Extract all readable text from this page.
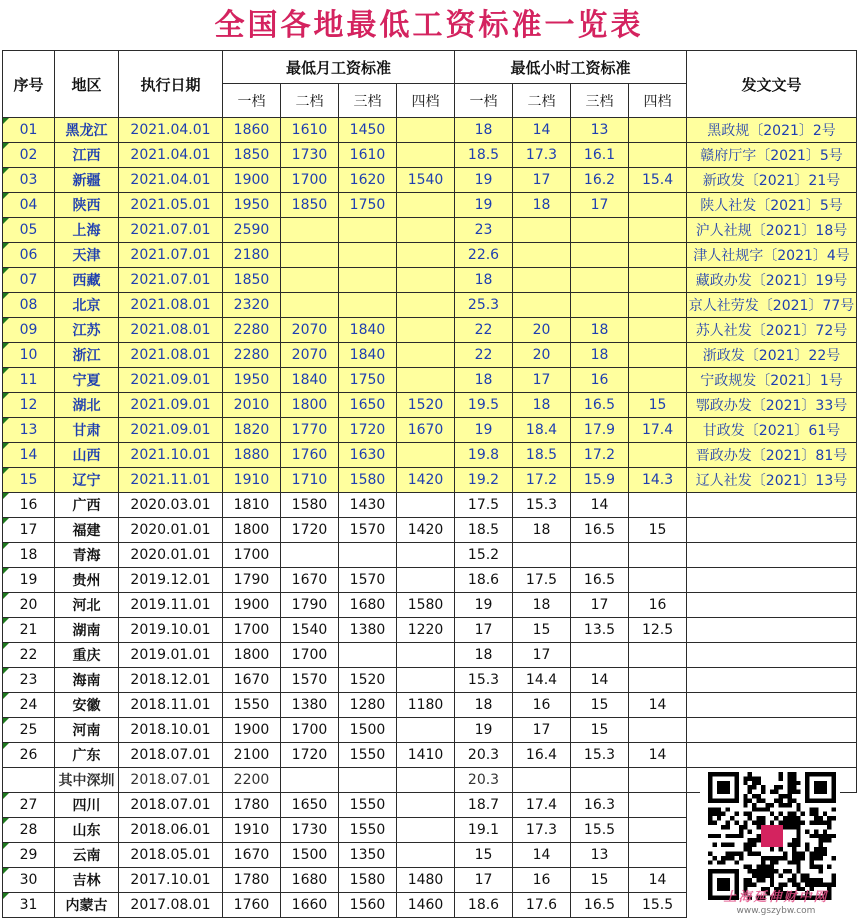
全国各地最低工资标准一览表
序号	地区	执行日期	最低月工资标准				最低小时工资标准				发文文号
			一档	二档	三档	四档	一档	二档	三档	四档	
01	黑龙江	2021.04.01	1860	1610	1450		18	14	13		黑政规〔2021〕2号
02	江西	2021.04.01	1850	1730	1610		18.5	17.3	16.1		赣府厅字〔2021〕5号
03	新疆	2021.04.01	1900	1700	1620	1540	19	17	16.2	15.4	新政发〔2021〕21号
04	陕西	2021.05.01	1950	1850	1750		19	18	17		陕人社发〔2021〕5号
05	上海	2021.07.01	2590				23				沪人社规〔2021〕18号
06	天津	2021.07.01	2180				22.6				津人社规字〔2021〕4号
07	西藏	2021.07.01	1850				18				藏政办发〔2021〕19号
08	北京	2021.08.01	2320				25.3				京人社劳发〔2021〕77号
09	江苏	2021.08.01	2280	2070	1840		22	20	18		苏人社发〔2021〕72号
10	浙江	2021.08.01	2280	2070	1840		22	20	18		浙政发〔2021〕22号
11	宁夏	2021.09.01	1950	1840	1750		18	17	16		宁政规发〔2021〕1号
12	湖北	2021.09.01	2010	1800	1650	1520	19.5	18	16.5	15	鄂政办发〔2021〕33号
13	甘肃	2021.09.01	1820	1770	1720	1670	19	18.4	17.9	17.4	甘政发〔2021〕61号
14	山西	2021.10.01	1880	1760	1630		19.8	18.5	17.2		晋政办发〔2021〕81号
15	辽宁	2021.11.01	1910	1710	1580	1420	19.2	17.2	15.9	14.3	辽人社发〔2021〕13号
16	广西	2020.03.01	1810	1580	1430		17.5	15.3	14		
17	福建	2020.01.01	1800	1720	1570	1420	18.5	18	16.5	15	
18	青海	2020.01.01	1700				15.2				
19	贵州	2019.12.01	1790	1670	1570		18.6	17.5	16.5		
20	河北	2019.11.01	1900	1790	1680	1580	19	18	17	16	
21	湖南	2019.10.01	1700	1540	1380	1220	17	15	13.5	12.5	
22	重庆	2019.01.01	1800	1700			18	17			
23	海南	2018.12.01	1670	1570	1520		15.3	14.4	14		
24	安徽	2018.11.01	1550	1380	1280	1180	18	16	15	14	
25	河南	2018.10.01	1900	1700	1500		19	17	15		
26	广东	2018.07.01	2100	1720	1550	1410	20.3	16.4	15.3	14	
	其中深圳	2018.07.01	2200				20.3				
27	四川	2018.07.01	1780	1650	1550		18.7	17.4	16.3		
28	山东	2018.06.01	1910	1730	1550		19.1	17.3	15.5		
29	云南	2018.05.01	1670	1500	1350		15	14	13		
30	吉林	2017.10.01	1780	1680	1580	1480	17	16	15	14	
31	内蒙古	2017.08.01	1760	1660	1560	1460	18.6	17.6	16.5	15.5		上海延伸财中网
www.gszybw.com
